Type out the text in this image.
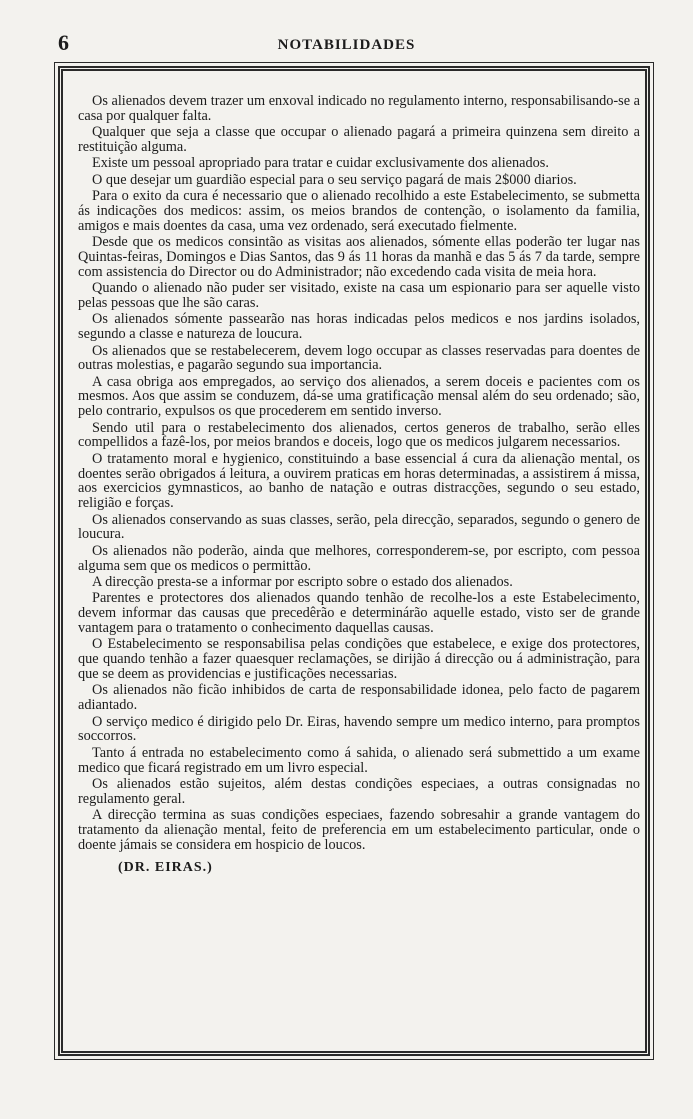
6	NOTABILIDADES

Os alienados devem trazer um enxoval indicado no regulamento interno, responsabilisando-se a casa por qualquer falta.

Qualquer que seja a classe que occupar o alienado pagará a primeira quinzena sem direito a restituição alguma.

Existe um pessoal apropriado para tratar e cuidar exclusivamente dos alienados.

O que desejar um guardião especial para o seu serviço pagará de mais 2$000 diarios.

Para o exito da cura é necessario que o alienado recolhido a este Estabelecimento, se submetta ás indicações dos medicos: assim, os meios brandos de contenção, o isolamento da familia, amigos e mais doentes da casa, uma vez ordenado, será executado fielmente.

Desde que os medicos consintão as visitas aos alienados, sómente ellas poderão ter lugar nas Quintas-feiras, Domingos e Dias Santos, das 9 ás 11 horas da manhã e das 5 ás 7 da tarde, sempre com assistencia do Director ou do Administrador; não excedendo cada visita de meia hora.

Quando o alienado não puder ser visitado, existe na casa um espionario para ser aquelle visto pelas pessoas que lhe são caras.

Os alienados sómente passearão nas horas indicadas pelos medicos e nos jardins isolados, segundo a classe e natureza de loucura.

Os alienados que se restabelecerem, devem logo occupar as classes reservadas para doentes de outras molestias, e pagarão segundo sua importancia.

A casa obriga aos empregados, ao serviço dos alienados, a serem doceis e pacientes com os mesmos. Aos que assim se conduzem, dá-se uma gratificação mensal além do seu ordenado; são, pelo contrario, expulsos os que procederem em sentido inverso.

Sendo util para o restabelecimento dos alienados, certos generos de trabalho, serão elles compellidos a fazê-los, por meios brandos e doceis, logo que os medicos julgarem necessarios.

O tratamento moral e hygienico, constituindo a base essencial á cura da alienação mental, os doentes serão obrigados á leitura, a ouvirem praticas em horas determinadas, a assistirem á missa, aos exercicios gymnasticos, ao banho de natação e outras distracções, segundo o seu estado, religião e forças.

Os alienados conservando as suas classes, serão, pela direcção, separados, segundo o genero de loucura.

Os alienados não poderão, ainda que melhores, corresponderem-se, por escripto, com pessoa alguma sem que os medicos o permittão.

A direcção presta-se a informar por escripto sobre o estado dos alienados.

Parentes e protectores dos alienados quando tenhão de recolhe-los a este Estabelecimento, devem informar das causas que precedêrão e determinárão aquelle estado, visto ser de grande vantagem para o tratamento o conhecimento daquellas causas.

O Estabelecimento se responsabilisa pelas condições que estabelece, e exige dos protectores, que quando tenhão a fazer quaesquer reclamações, se dirijão á direcção ou á administração, para que se deem as providencias e justificações necessarias.

Os alienados não ficão inhibidos de carta de responsabilidade idonea, pelo facto de pagarem adiantado.

O serviço medico é dirigido pelo Dr. Eiras, havendo sempre um medico interno, para promptos soccorros.

Tanto á entrada no estabelecimento como á sahida, o alienado será submettido a um exame medico que ficará registrado em um livro especial.

Os alienados estão sujeitos, além destas condições especiaes, a outras consignadas no regulamento geral.

A direcção termina as suas condições especiaes, fazendo sobresahir a grande vantagem do tratamento da alienação mental, feito de preferencia em um estabelecimento particular, onde o doente jámais se considera em hospicio de loucos.

(DR. EIRAS.)
